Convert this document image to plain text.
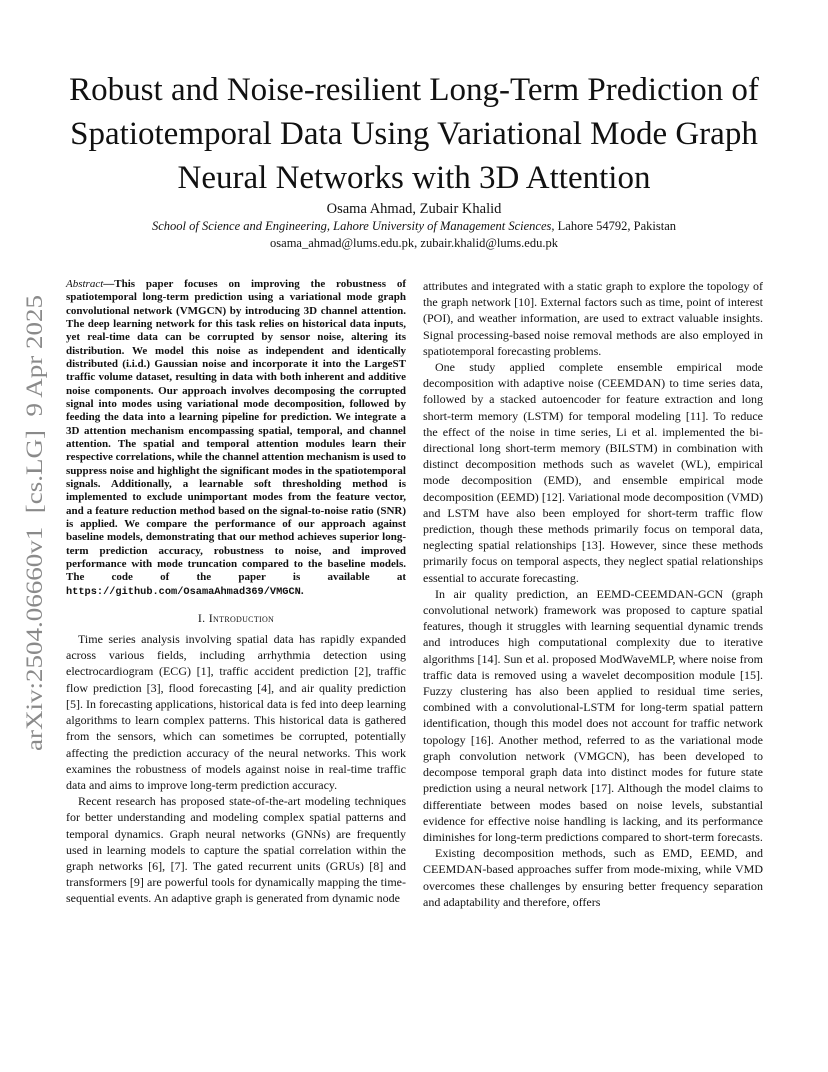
arXiv:2504.06660v1  [cs.LG]  9 Apr 2025
Robust and Noise-resilient Long-Term Prediction of Spatiotemporal Data Using Variational Mode Graph Neural Networks with 3D Attention
Osama Ahmad, Zubair Khalid
School of Science and Engineering, Lahore University of Management Sciences, Lahore 54792, Pakistan
osama_ahmad@lums.edu.pk, zubair.khalid@lums.edu.pk

Abstract—This paper focuses on improving the robustness of spatiotemporal long-term prediction using a variational mode graph convolutional network (VMGCN) by introducing 3D channel attention. The deep learning network for this task relies on historical data inputs, yet real-time data can be corrupted by sensor noise, altering its distribution. We model this noise as independent and identically distributed (i.i.d.) Gaussian noise and incorporate it into the LargeST traffic volume dataset, resulting in data with both inherent and additive noise components. Our approach involves decomposing the corrupted signal into modes using variational mode decomposition, followed by feeding the data into a learning pipeline for prediction. We integrate a 3D attention mechanism encompassing spatial, temporal, and channel attention. The spatial and temporal attention modules learn their respective correlations, while the channel attention mechanism is used to suppress noise and highlight the significant modes in the spatiotemporal signals. Additionally, a learnable soft thresholding method is implemented to exclude unimportant modes from the feature vector, and a feature reduction method based on the signal-to-noise ratio (SNR) is applied. We compare the performance of our approach against baseline models, demonstrating that our method achieves superior long-term prediction accuracy, robustness to noise, and improved performance with mode truncation compared to the baseline models. The code of the paper is available at https://github.com/OsamaAhmad369/VMGCN.

I. Introduction

Time series analysis involving spatial data has rapidly expanded across various fields, including arrhythmia detection using electrocardiogram (ECG) [1], traffic accident prediction [2], traffic flow prediction [3], flood forecasting [4], and air quality prediction [5]. In forecasting applications, historical data is fed into deep learning algorithms to learn complex patterns. This historical data is gathered from the sensors, which can sometimes be corrupted, potentially affecting the prediction accuracy of the neural networks. This work examines the robustness of models against noise in real-time traffic data and aims to improve long-term prediction accuracy.

Recent research has proposed state-of-the-art modeling techniques for better understanding and modeling complex spatial patterns and temporal dynamics. Graph neural networks (GNNs) are frequently used in learning models to capture the spatial correlation within the graph networks [6], [7]. The gated recurrent units (GRUs) [8] and transformers [9] are powerful tools for dynamically mapping the time-sequential events. An adaptive graph is generated from dynamic node

attributes and integrated with a static graph to explore the topology of the graph network [10]. External factors such as time, point of interest (POI), and weather information, are used to extract valuable insights. Signal processing-based noise removal methods are also employed in spatiotemporal forecasting problems.

One study applied complete ensemble empirical mode decomposition with adaptive noise (CEEMDAN) to time series data, followed by a stacked autoencoder for feature extraction and long short-term memory (LSTM) for temporal modeling [11]. To reduce the effect of the noise in time series, Li et al. implemented the bi-directional long short-term memory (BILSTM) in combination with distinct decomposition methods such as wavelet (WL), empirical mode decomposition (EMD), and ensemble empirical mode decomposition (EEMD) [12]. Variational mode decomposition (VMD) and LSTM have also been employed for short-term traffic flow prediction, though these methods primarily focus on temporal data, neglecting spatial relationships [13]. However, since these methods primarily focus on temporal aspects, they neglect spatial relationships essential to accurate forecasting.

In air quality prediction, an EEMD-CEEMDAN-GCN (graph convolutional network) framework was proposed to capture spatial features, though it struggles with learning sequential dynamic trends and introduces high computational complexity due to iterative algorithms [14]. Sun et al. proposed ModWaveMLP, where noise from traffic data is removed using a wavelet decomposition module [15]. Fuzzy clustering has also been applied to residual time series, combined with a convolutional-LSTM for long-term spatial pattern identification, though this model does not account for traffic network topology [16]. Another method, referred to as the variational mode graph convolution network (VMGCN), has been developed to decompose temporal graph data into distinct modes for future state prediction using a neural network [17]. Although the model claims to differentiate between modes based on noise levels, substantial evidence for effective noise handling is lacking, and its performance diminishes for long-term predictions compared to short-term forecasts.

Existing decomposition methods, such as EMD, EEMD, and CEEMDAN-based approaches suffer from mode-mixing, while VMD overcomes these challenges by ensuring better frequency separation and adaptability and therefore, offers
